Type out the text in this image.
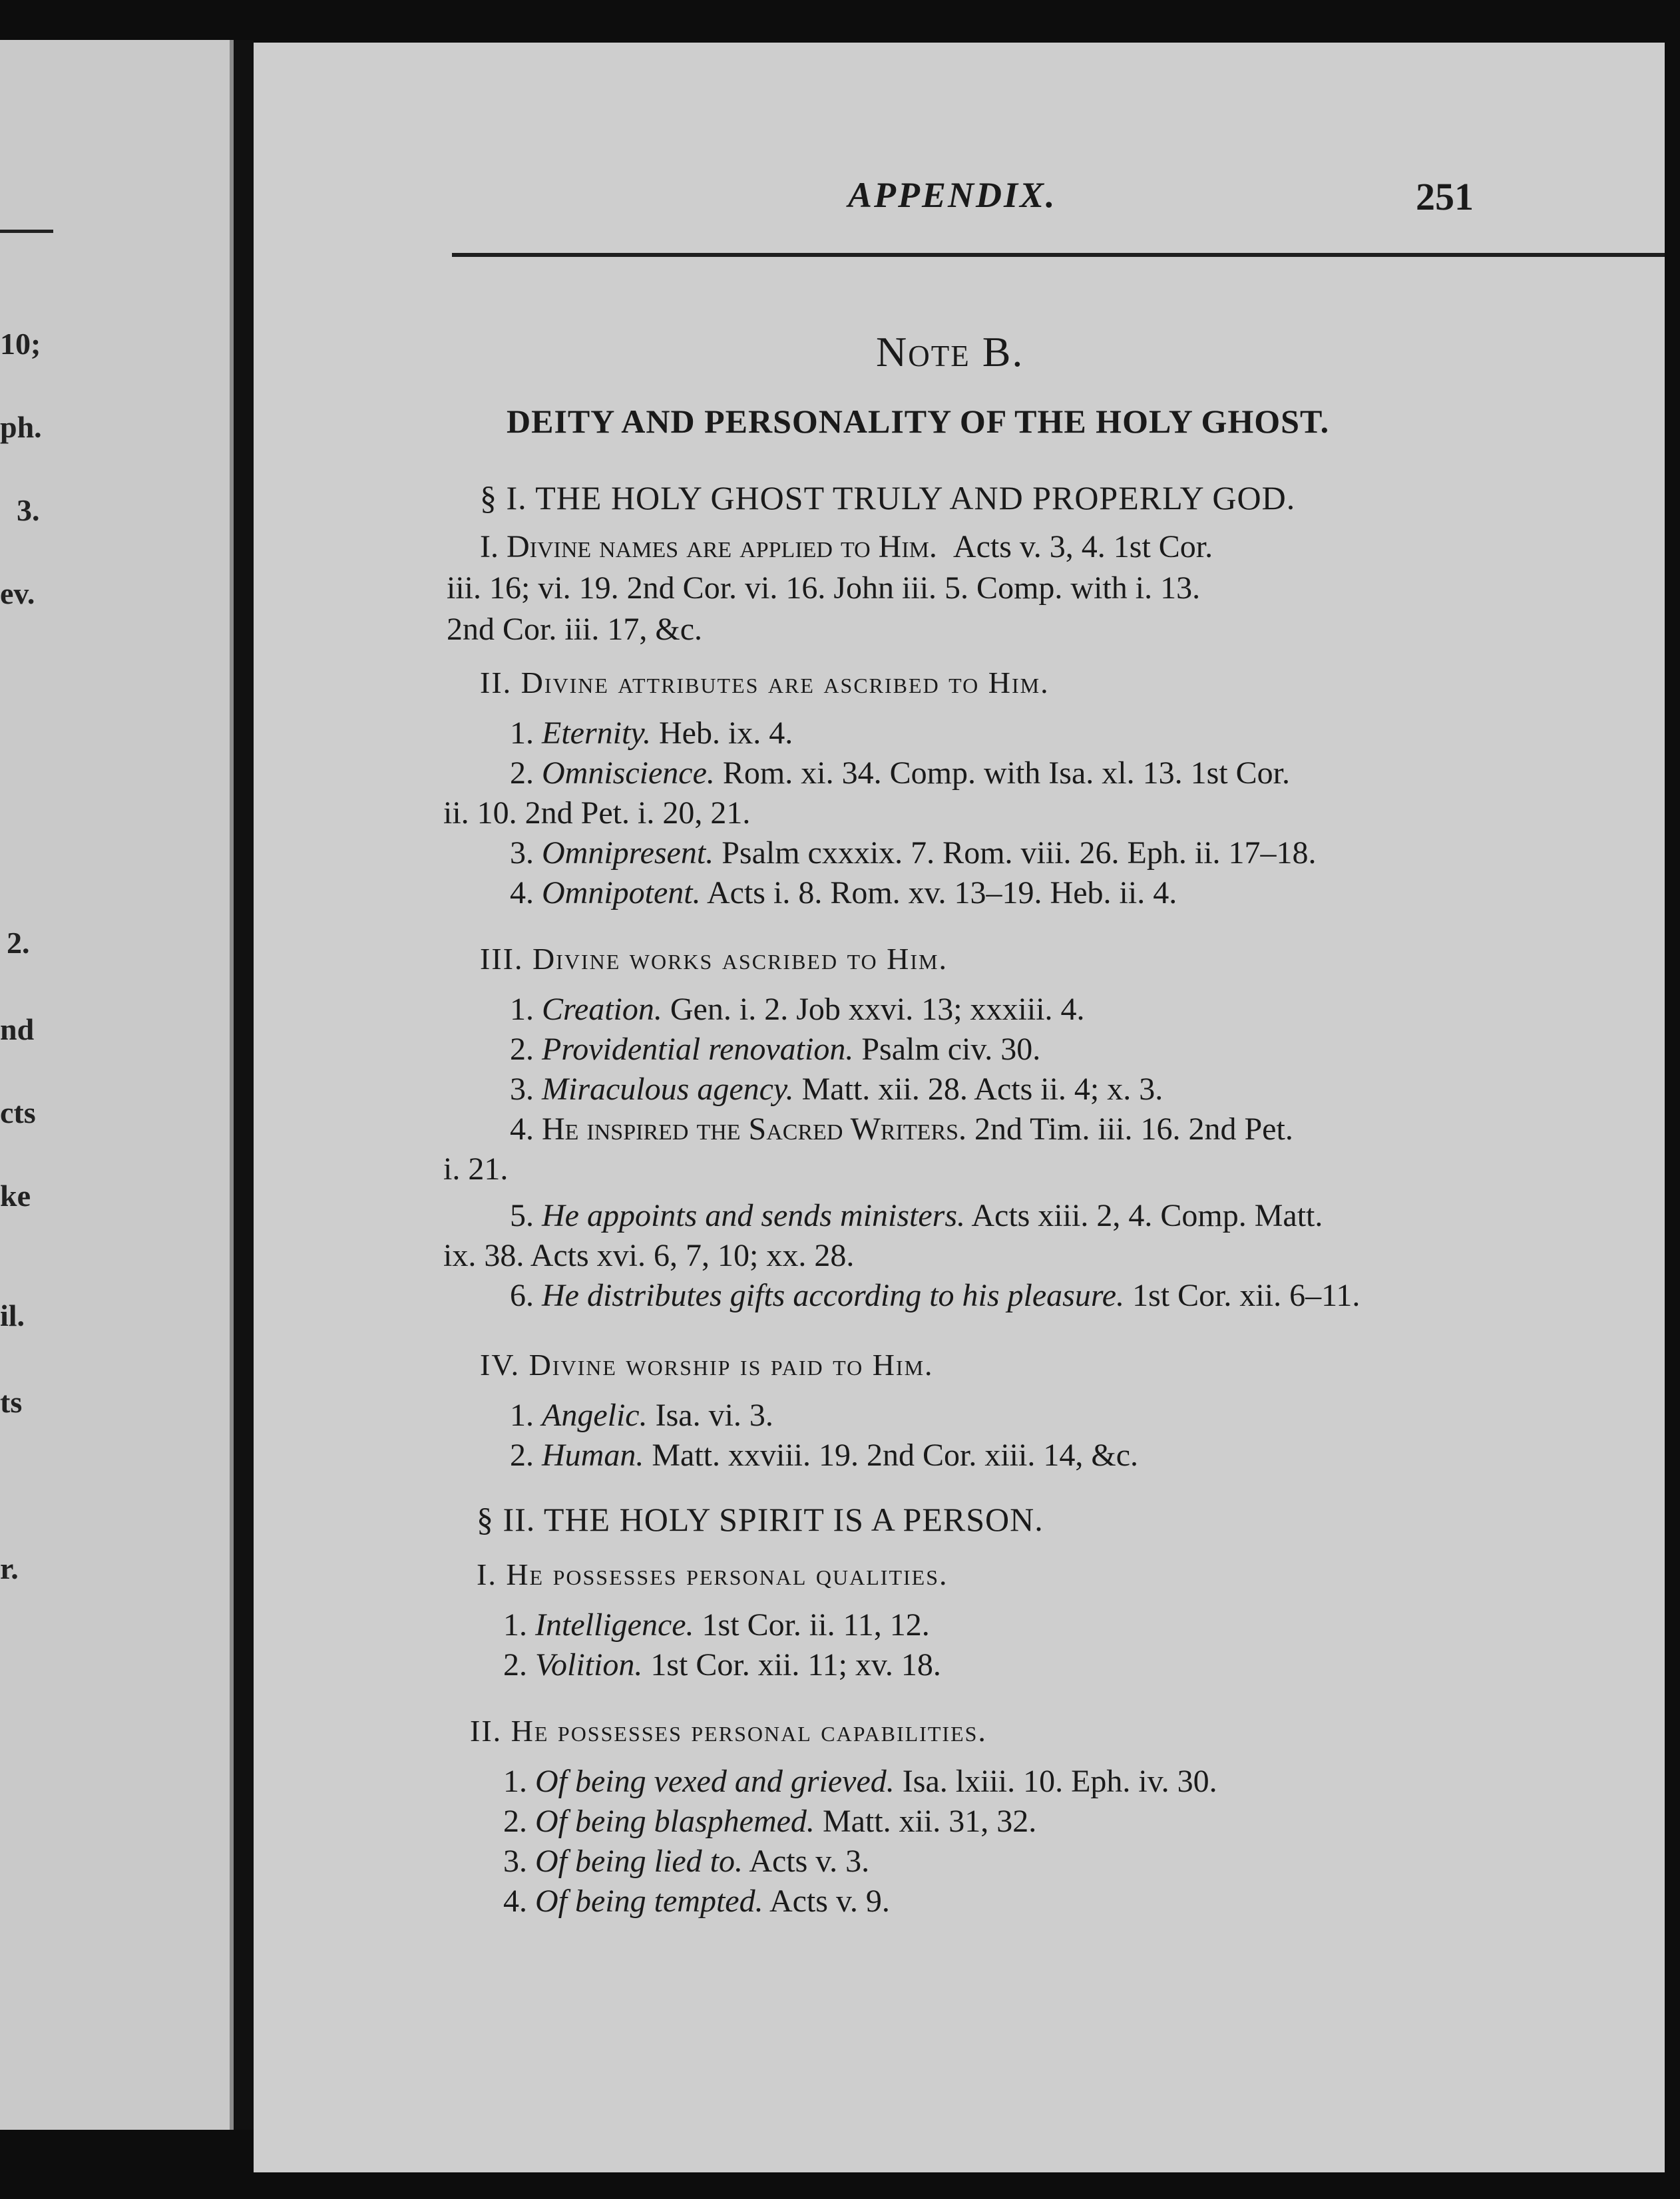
10;
ph.
3.
ev.
2.
nd
cts
ke
il.
ts
r.
APPENDIX.	251
Note B.
DEITY AND PERSONALITY OF THE HOLY GHOST.
§ I. THE HOLY GHOST TRULY AND PROPERLY GOD.
I. Divine names are applied to Him. Acts v. 3, 4. 1st Cor.
iii. 16; vi. 19. 2nd Cor. vi. 16. John iii. 5. Comp. with i. 13.
2nd Cor. iii. 17, &c.
II. Divine attributes are ascribed to Him.
1. Eternity. Heb. ix. 4.
2. Omniscience. Rom. xi. 34. Comp. with Isa. xl. 13. 1st Cor.
ii. 10. 2nd Pet. i. 20, 21.
3. Omnipresent. Psalm cxxxix. 7. Rom. viii. 26. Eph. ii. 17–18.
4. Omnipotent. Acts i. 8. Rom. xv. 13–19. Heb. ii. 4.
III. Divine works ascribed to Him.
1. Creation. Gen. i. 2. Job xxvi. 13; xxxiii. 4.
2. Providential renovation. Psalm civ. 30.
3. Miraculous agency. Matt. xii. 28. Acts ii. 4; x. 3.
4. He inspired the Sacred Writers. 2nd Tim. iii. 16. 2nd Pet.
i. 21.
5. He appoints and sends ministers. Acts xiii. 2, 4. Comp. Matt.
ix. 38. Acts xvi. 6, 7, 10; xx. 28.
6. He distributes gifts according to his pleasure. 1st Cor. xii. 6–11.
IV. Divine worship is paid to Him.
1. Angelic. Isa. vi. 3.
2. Human. Matt. xxviii. 19. 2nd Cor. xiii. 14, &c.
§ II. THE HOLY SPIRIT IS A PERSON.
I. He possesses personal qualities.
1. Intelligence. 1st Cor. ii. 11, 12.
2. Volition. 1st Cor. xii. 11; xv. 18.
II. He possesses personal capabilities.
1. Of being vexed and grieved. Isa. lxiii. 10. Eph. iv. 30.
2. Of being blasphemed. Matt. xii. 31, 32.
3. Of being lied to. Acts v. 3.
4. Of being tempted. Acts v. 9.
